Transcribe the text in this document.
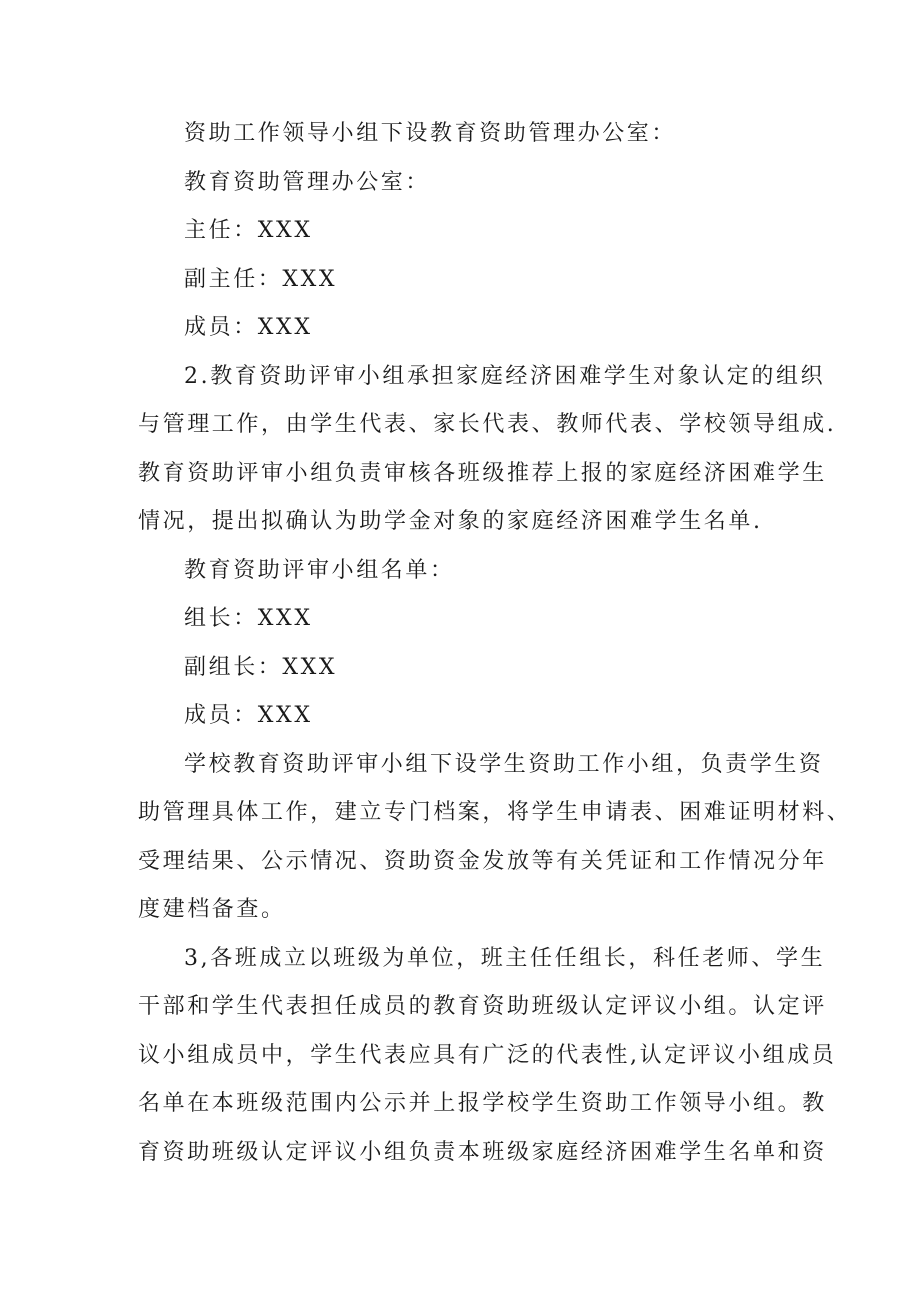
资助工作领导小组下设教育资助管理办公室：
教育资助管理办公室：
主任：XXX
副主任：XXX
成员：XXX
2.教育资助评审小组承担家庭经济困难学生对象认定的组织
与管理工作，由学生代表、家长代表、教师代表、学校领导组成.
教育资助评审小组负责审核各班级推荐上报的家庭经济困难学生
情况，提出拟确认为助学金对象的家庭经济困难学生名单.
教育资助评审小组名单：
组长：XXX
副组长：XXX
成员：XXX
学校教育资助评审小组下设学生资助工作小组，负责学生资
助管理具体工作，建立专门档案，将学生申请表、困难证明材料、
受理结果、公示情况、资助资金发放等有关凭证和工作情况分年
度建档备查。
3,各班成立以班级为单位，班主任任组长，科任老师、学生
干部和学生代表担任成员的教育资助班级认定评议小组。认定评
议小组成员中，学生代表应具有广泛的代表性,认定评议小组成员
名单在本班级范围内公示并上报学校学生资助工作领导小组。教
育资助班级认定评议小组负责本班级家庭经济困难学生名单和资
